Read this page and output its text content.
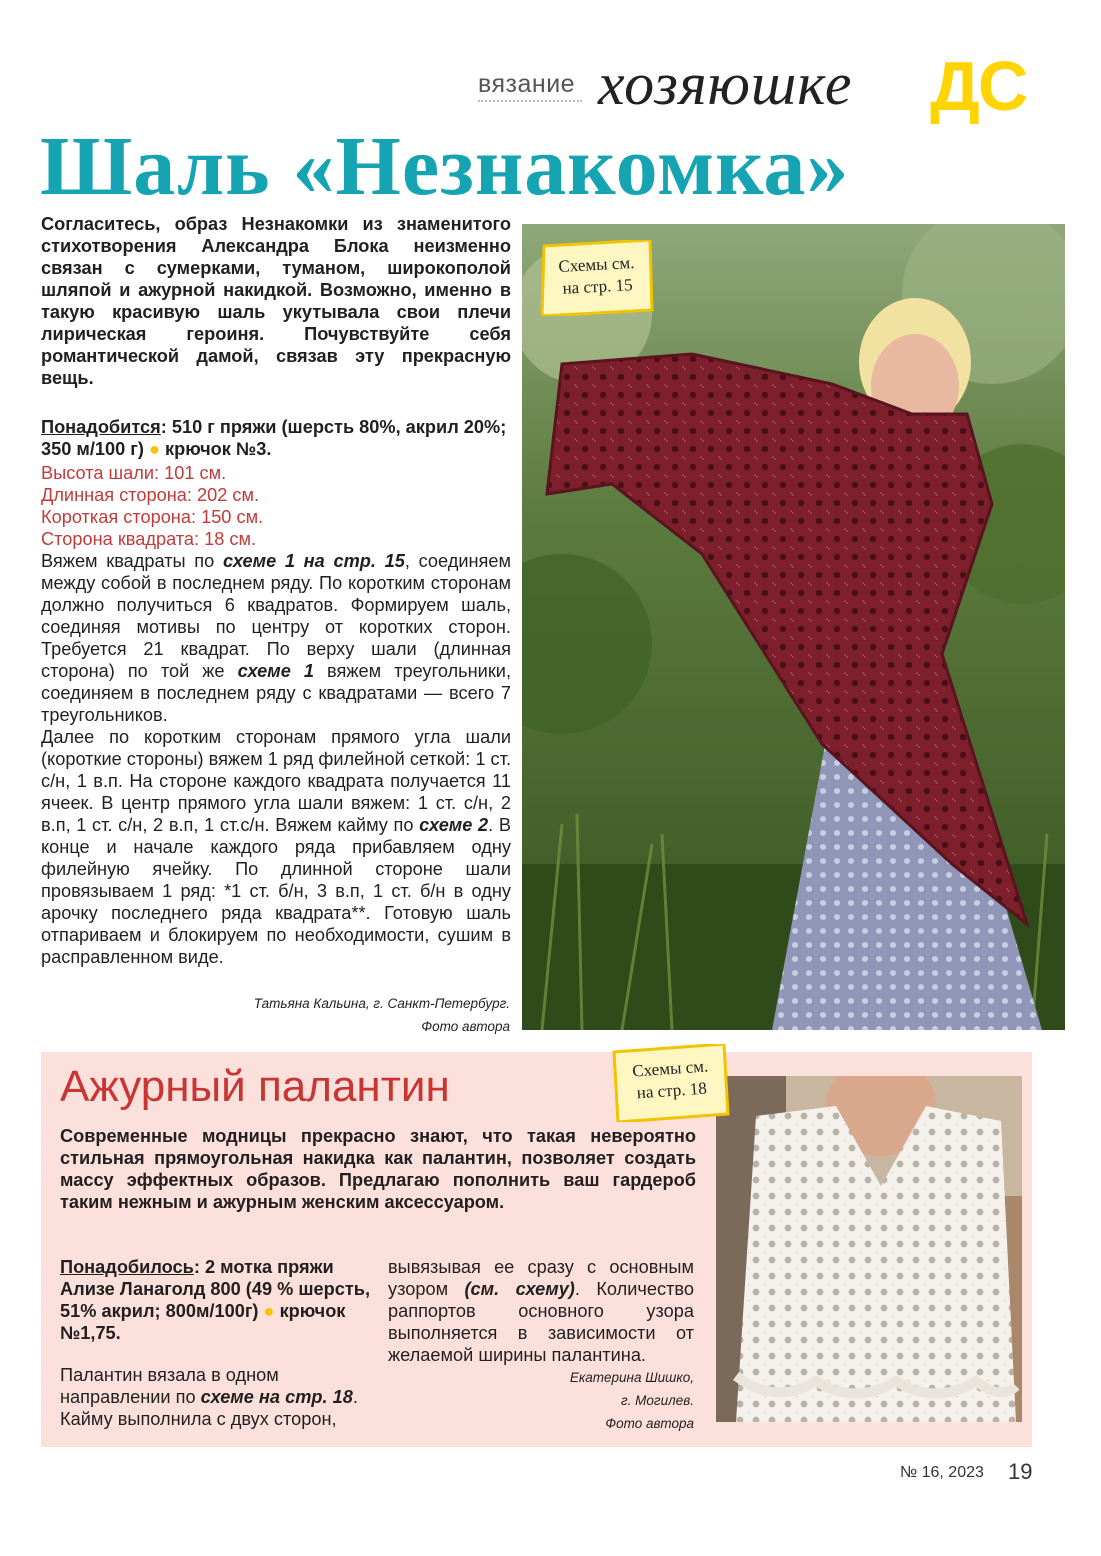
вязание хозяюшке ДС
Шаль «Незнакомка»
Согласитесь, образ Незнакомки из знаменитого стихотворения Александра Блока неизменно связан с сумерками, туманом, широкополой шляпой и ажурной накидкой. Возможно, именно в такую красивую шаль укутывала свои плечи лирическая героиня. Почувствуйте себя романтической дамой, связав эту прекрасную вещь.
Понадобится: 510 г пряжи (шерсть 80%, акрил 20%; 350 м/100 г) ● крючок №3.
Высота шали: 101 см.
Длинная сторона: 202 см.
Короткая сторона: 150 см.
Сторона квадрата: 18 см.
Вяжем квадраты по схеме 1 на стр. 15, соединяем между собой в последнем ряду. По коротким сторонам должно получиться 6 квадратов. Формируем шаль, соединяя мотивы по центру от коротких сторон. Требуется 21 квадрат. По верху шали (длинная сторона) по той же схеме 1 вяжем треугольники, соединяем в последнем ряду с квадратами — всего 7 треугольников.
Далее по коротким сторонам прямого угла шали (короткие стороны) вяжем 1 ряд филейной сеткой: 1 ст. с/н, 1 в.п. На стороне каждого квадрата получается 11 ячеек. В центр прямого угла шали вяжем: 1 ст. с/н, 2 в.п, 1 ст. с/н, 2 в.п, 1 ст.с/н. Вяжем кайму по схеме 2. В конце и начале каждого ряда прибавляем одну филейную ячейку. По длинной стороне шали провязываем 1 ряд: *1 ст. б/н, 3 в.п, 1 ст. б/н в одну арочку последнего ряда квадрата**. Готовую шаль отпариваем и блокируем по необходимости, сушим в расправленном виде.
Татьяна Кальина, г. Санкт-Петербург.
Фото автора
Схемы см.
на стр. 15
Ажурный палантин
Современные модницы прекрасно знают, что такая невероятно стильная прямоугольная накидка как палантин, позволяет создать массу эффектных образов. Предлагаю пополнить ваш гардероб таким нежным и ажурным женским аксессуаром.
Понадобилось: 2 мотка пряжи Ализе Ланаголд 800 (49 % шерсть, 51% акрил; 800м/100г) ● крючок №1,75.
Палантин вязала в одном направлении по схеме на стр. 18. Кайму выполнила с двух сторон,
вывязывая ее сразу с основным узором (см. схему). Количество раппортов основного узора выполняется в зависимости от желаемой ширины палантина.
Екатерина Шишко,
г. Могилев.
Фото автора
Схемы см.
на стр. 18
№ 16, 2023 19
